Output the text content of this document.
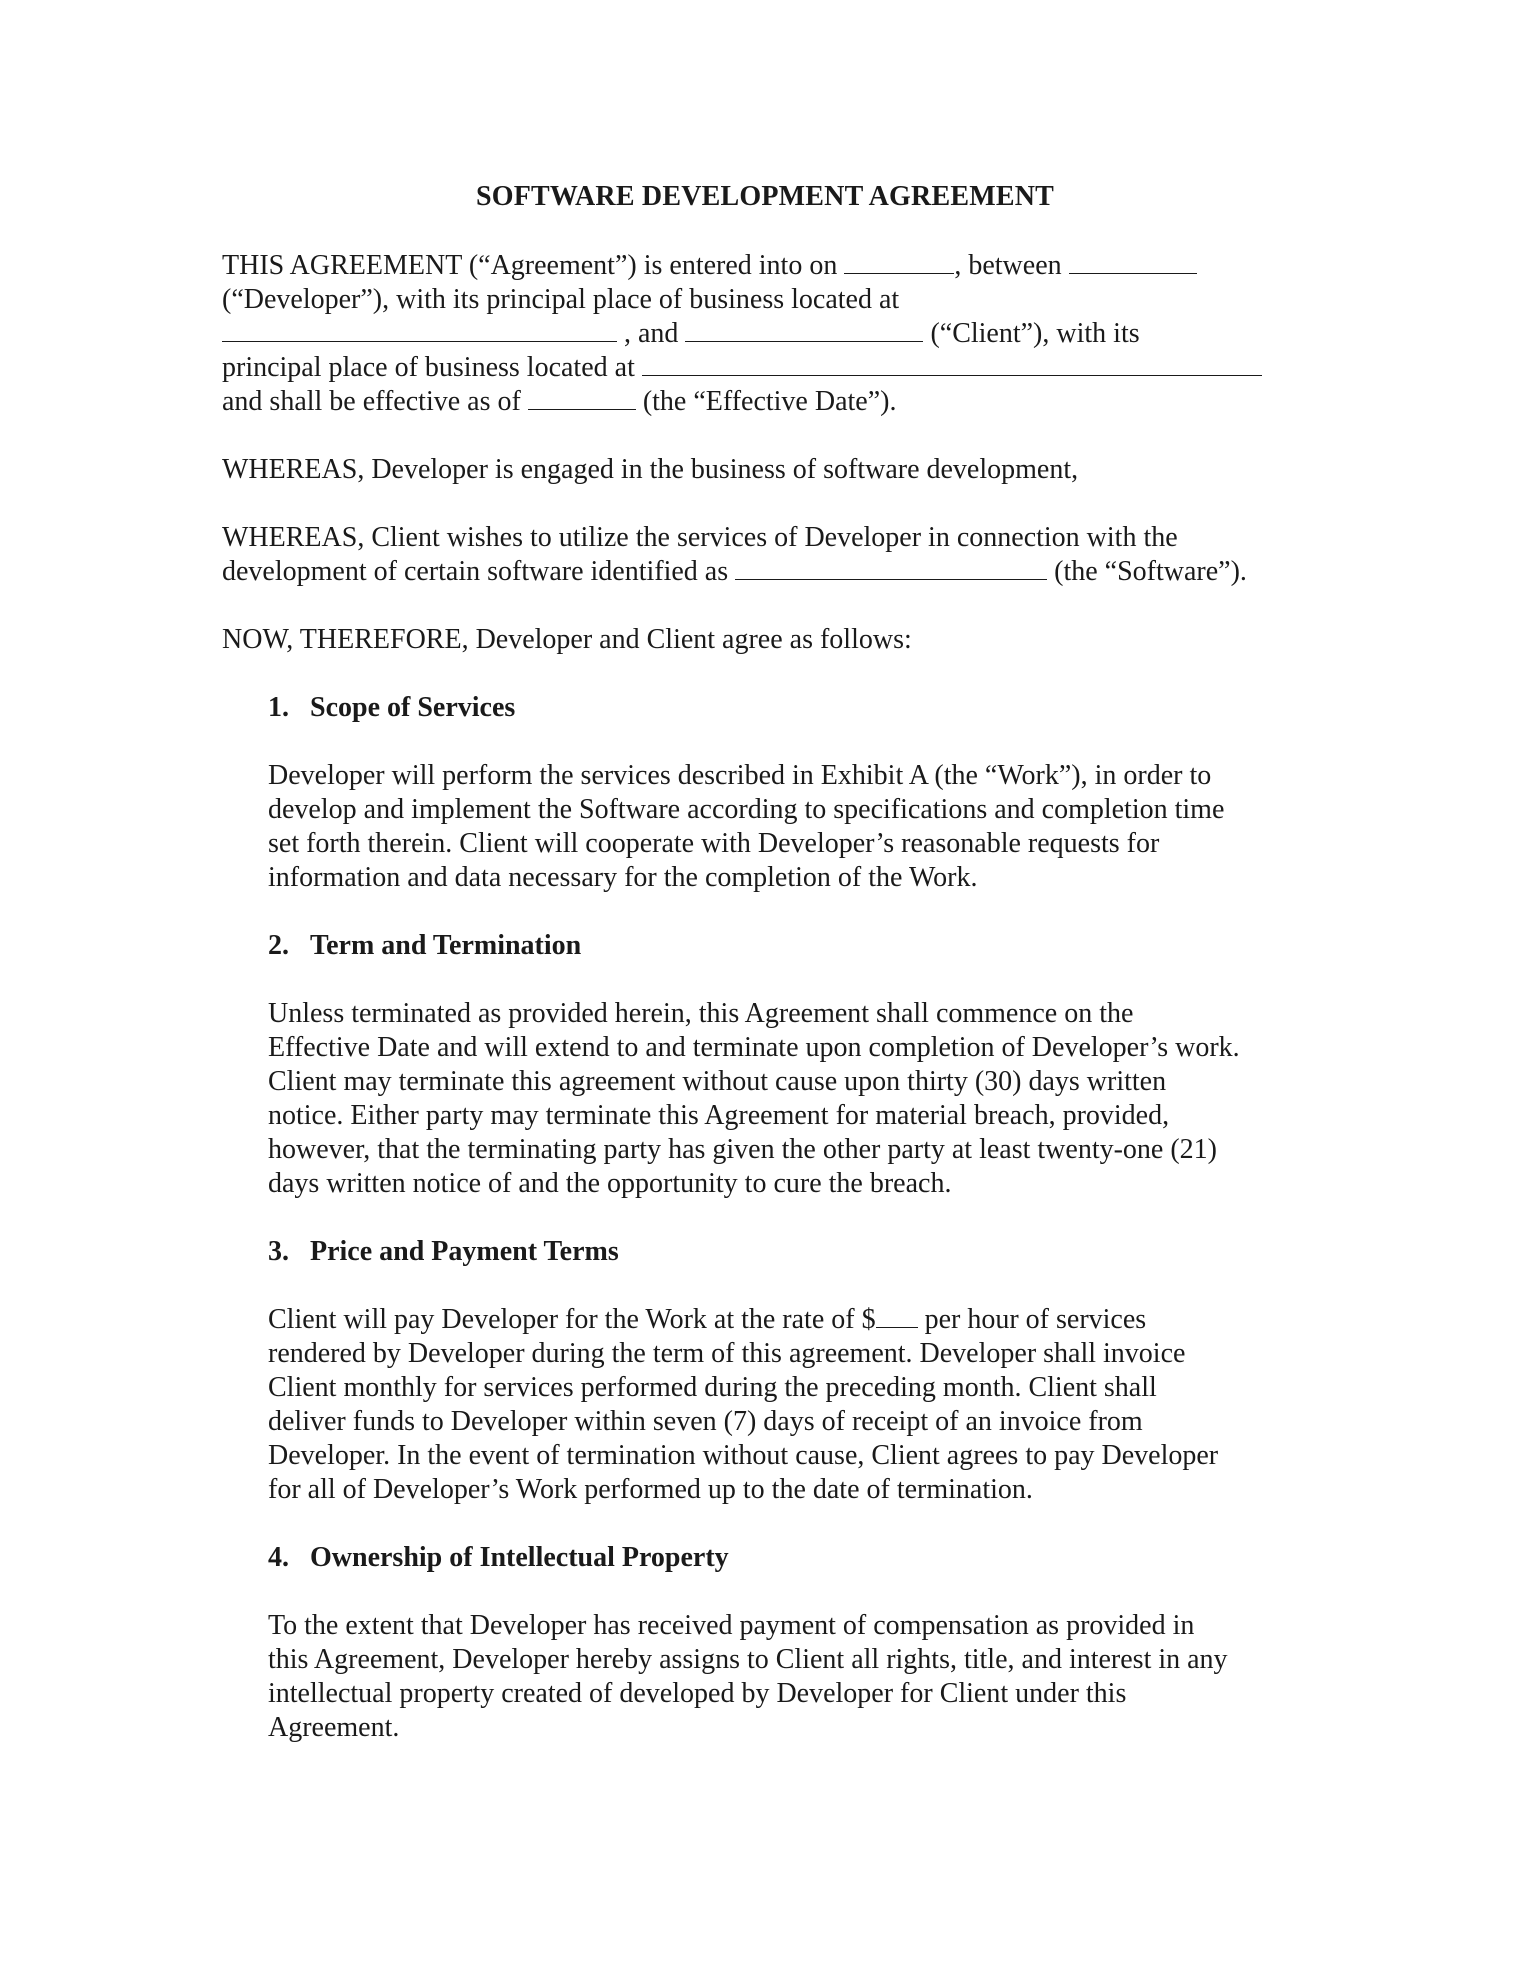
SOFTWARE DEVELOPMENT AGREEMENT
THIS AGREEMENT (“Agreement”) is entered into on	, between
(“Developer”), with its principal place of business located at
, and	(“Client”), with its
principal place of business located at
and shall be effective as of	(the “Effective Date”).
WHEREAS, Developer is engaged in the business of software development,
WHEREAS, Client wishes to utilize the services of Developer in connection with the
development of certain software identified as	(the “Software”).
NOW, THEREFORE, Developer and Client agree as follows:
1. Scope of Services
Developer will perform the services described in Exhibit A (the “Work”), in order to
develop and implement the Software according to specifications and completion time
set forth therein. Client will cooperate with Developer’s reasonable requests for
information and data necessary for the completion of the Work.
2. Term and Termination
Unless terminated as provided herein, this Agreement shall commence on the
Effective Date and will extend to and terminate upon completion of Developer’s work.
Client may terminate this agreement without cause upon thirty (30) days written
notice. Either party may terminate this Agreement for material breach, provided,
however, that the terminating party has given the other party at least twenty-one (21)
days written notice of and the opportunity to cure the breach.
3. Price and Payment Terms
Client will pay Developer for the Work at the rate of $ per hour of services
rendered by Developer during the term of this agreement. Developer shall invoice
Client monthly for services performed during the preceding month. Client shall
deliver funds to Developer within seven (7) days of receipt of an invoice from
Developer. In the event of termination without cause, Client agrees to pay Developer
for all of Developer’s Work performed up to the date of termination.
4. Ownership of Intellectual Property
To the extent that Developer has received payment of compensation as provided in
this Agreement, Developer hereby assigns to Client all rights, title, and interest in any
intellectual property created of developed by Developer for Client under this
Agreement.
